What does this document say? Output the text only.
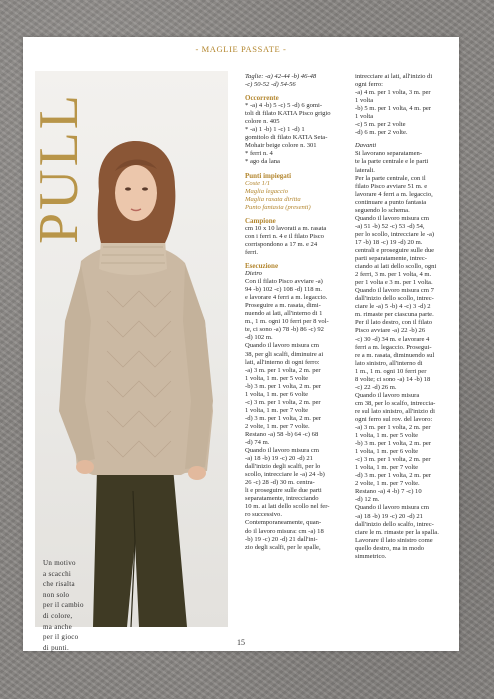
- MAGLIE PASSATE -
PULL
Un motivo
a scacchi
che risalta
non solo
per il cambio
di colore,
ma anche
per il gioco
di punti.
Taglie: -a) 42-44 -b) 46-48
-c) 50-52 -d) 54-56
Occorrente
* -a) 4 -b) 5 -c) 5 -d) 6 gomi-
toli di filato KATIA Pisco grigio
colore n. 405
* -a) 1 -b) 1 -c) 1 -d) 1
gomitolo di filato KATIA Seta-
Mohair beige colore n. 301
* ferri n. 4
* ago da lana
Punti impiegati
Coste 1/1
Maglia legaccio
Maglia rasata diritta
Punto fantasia (presenti)
Campione
cm 10 x 10 lavorati a m. rasata
con i ferri n. 4 e il filato Pisco
corrispondono a 17 m. e 24
ferri.
Esecuzione
Dietro
Con il filato Pisco avviare -a)
94 -b) 102 -c) 108 -d) 118 m.
e lavorare 4 ferri a m. legaccio.
Proseguire a m. rasata, dimi-
nuendo ai lati, all'interno di 1
m., 1 m. ogni 10 ferri per 8 vol-
te, ci sono -a) 78 -b) 86 -c) 92
-d) 102 m.
Quando il lavoro misura cm
38, per gli scalfi, diminuire ai
lati, all'interno di ogni ferro:
-a) 3 m. per 1 volta, 2 m. per
1 volta, 1 m. per 5 volte
-b) 3 m. per 1 volta, 2 m. per
1 volta, 1 m. per 6 volte
-c) 3 m. per 1 volta, 2 m. per
1 volta, 1 m. per 7 volte
-d) 3 m. per 1 volta, 2 m. per
2 volte, 1 m. per 7 volte.
Restano -a) 58 -b) 64 -c) 68
-d) 74 m.
Quando il lavoro misura cm
-a) 18 -b) 19 -c) 20 -d) 21
dall'inizio degli scalfi, per lo
scollo, intrecciare le -a) 24 -b)
26 -c) 28 -d) 30 m. centra-
li e proseguire sulle due parti
separatamente, intrecciando
10 m. ai lati dello scollo nel fer-
ro successivo.
Contemporaneamente, quan-
do il lavoro misura: cm -a) 18
-b) 19 -c) 20 -d) 21 dall'ini-
zio degli scalfi, per le spalle,
intrecciare ai lati, all'inizio di
ogni ferro:
-a) 4 m. per 1 volta, 3 m. per
1 volta
-b) 5 m. per 1 volta, 4 m. per
1 volta
-c) 5 m. per 2 volte
-d) 6 m. per 2 volte.
Davanti
Si lavorano separatamen-
te la parte centrale e le parti
laterali.
Per la parte centrale, con il
filato Pisco avviare 51 m. e
lavorare 4 ferri a m. legaccio,
continuare a punto fantasia
seguendo lo schema.
Quando il lavoro misura cm
-a) 51 -b) 52 -c) 53 -d) 54,
per lo scollo, intrecciare le -a)
17 -b) 18 -c) 19 -d) 20 m.
centrali e proseguire sulle due
parti separatamente, intrec-
ciando ai lati dello scollo, ogni
2 ferri, 3 m. per 1 volta, 4 m.
per 1 volta e 3 m. per 1 volta.
Quando il lavoro misura cm 7
dall'inizio dello scollo, intrec-
ciare le -a) 5 -b) 4 -c) 3 -d) 2
m. rimaste per ciascuna parte.
Per il lato destro, con il filato
Pisco avviare -a) 22 -b) 26
-c) 30 -d) 34 m. e lavorare 4
ferri a m. legaccio. Prosegui-
re a m. rasata, diminuendo sul
lato sinistro, all'interno di
1 m., 1 m. ogni 10 ferri per
8 volte; ci sono -a) 14 -b) 18
-c) 22 -d) 26 m.
Quando il lavoro misura
cm 38, per lo scalfo, intreccia-
re sul lato sinistro, all'inizio di
ogni ferro sul rov. del lavoro:
-a) 3 m. per 1 volta, 2 m. per
1 volta, 1 m. per 5 volte
-b) 3 m. per 1 volta, 2 m. per
1 volta, 1 m. per 6 volte
-c) 3 m. per 1 volta, 2 m. per
1 volta, 1 m. per 7 volte
-d) 3 m. per 1 volta, 2 m. per
2 volte, 1 m. per 7 volte.
Restano -a) 4 -b) 7 -c) 10
-d) 12 m.
Quando il lavoro misura cm
-a) 18 -b) 19 -c) 20 -d) 21
dall'inizio dello scalfo, intrec-
ciare le m. rimaste per la spalla.
Lavorare il lato sinistro come
quello destro, ma in modo
simmetrico.
15
